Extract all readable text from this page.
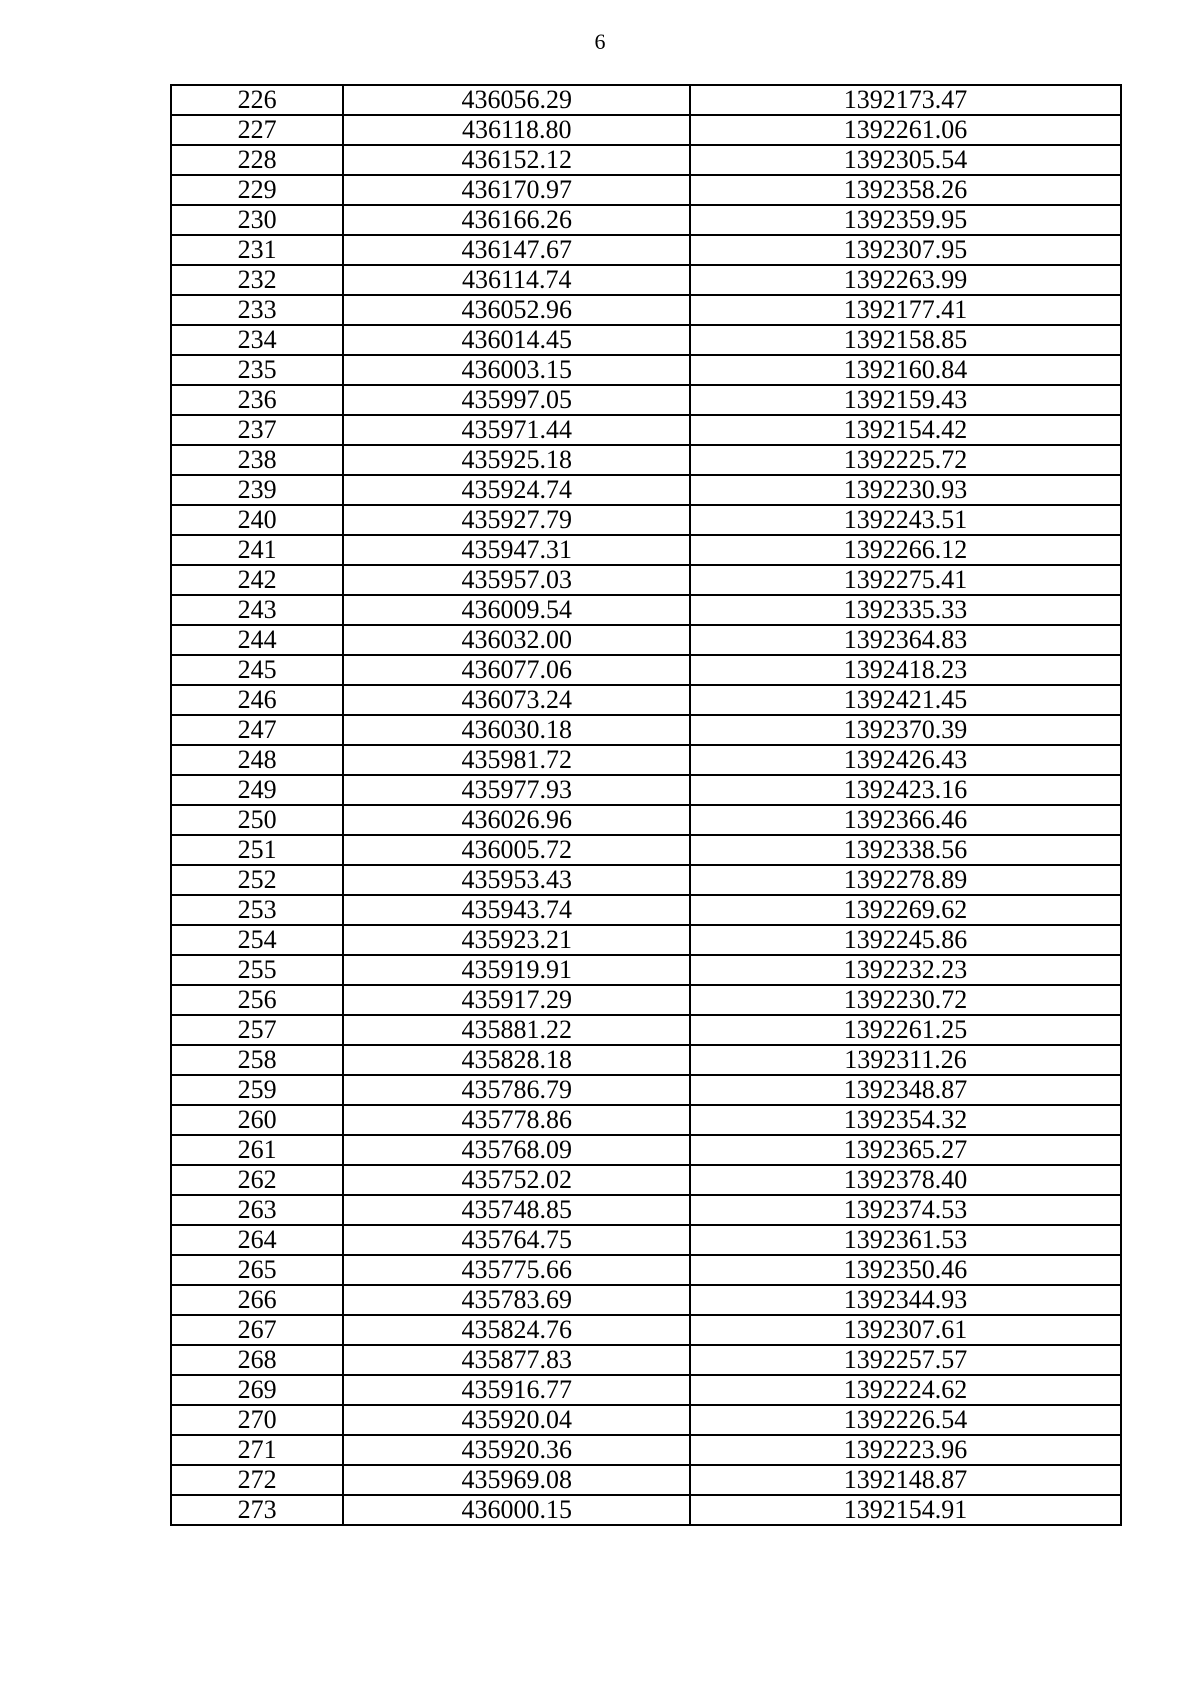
6
226	436056.29	1392173.47
227	436118.80	1392261.06
228	436152.12	1392305.54
229	436170.97	1392358.26
230	436166.26	1392359.95
231	436147.67	1392307.95
232	436114.74	1392263.99
233	436052.96	1392177.41
234	436014.45	1392158.85
235	436003.15	1392160.84
236	435997.05	1392159.43
237	435971.44	1392154.42
238	435925.18	1392225.72
239	435924.74	1392230.93
240	435927.79	1392243.51
241	435947.31	1392266.12
242	435957.03	1392275.41
243	436009.54	1392335.33
244	436032.00	1392364.83
245	436077.06	1392418.23
246	436073.24	1392421.45
247	436030.18	1392370.39
248	435981.72	1392426.43
249	435977.93	1392423.16
250	436026.96	1392366.46
251	436005.72	1392338.56
252	435953.43	1392278.89
253	435943.74	1392269.62
254	435923.21	1392245.86
255	435919.91	1392232.23
256	435917.29	1392230.72
257	435881.22	1392261.25
258	435828.18	1392311.26
259	435786.79	1392348.87
260	435778.86	1392354.32
261	435768.09	1392365.27
262	435752.02	1392378.40
263	435748.85	1392374.53
264	435764.75	1392361.53
265	435775.66	1392350.46
266	435783.69	1392344.93
267	435824.76	1392307.61
268	435877.83	1392257.57
269	435916.77	1392224.62
270	435920.04	1392226.54
271	435920.36	1392223.96
272	435969.08	1392148.87
273	436000.15	1392154.91
